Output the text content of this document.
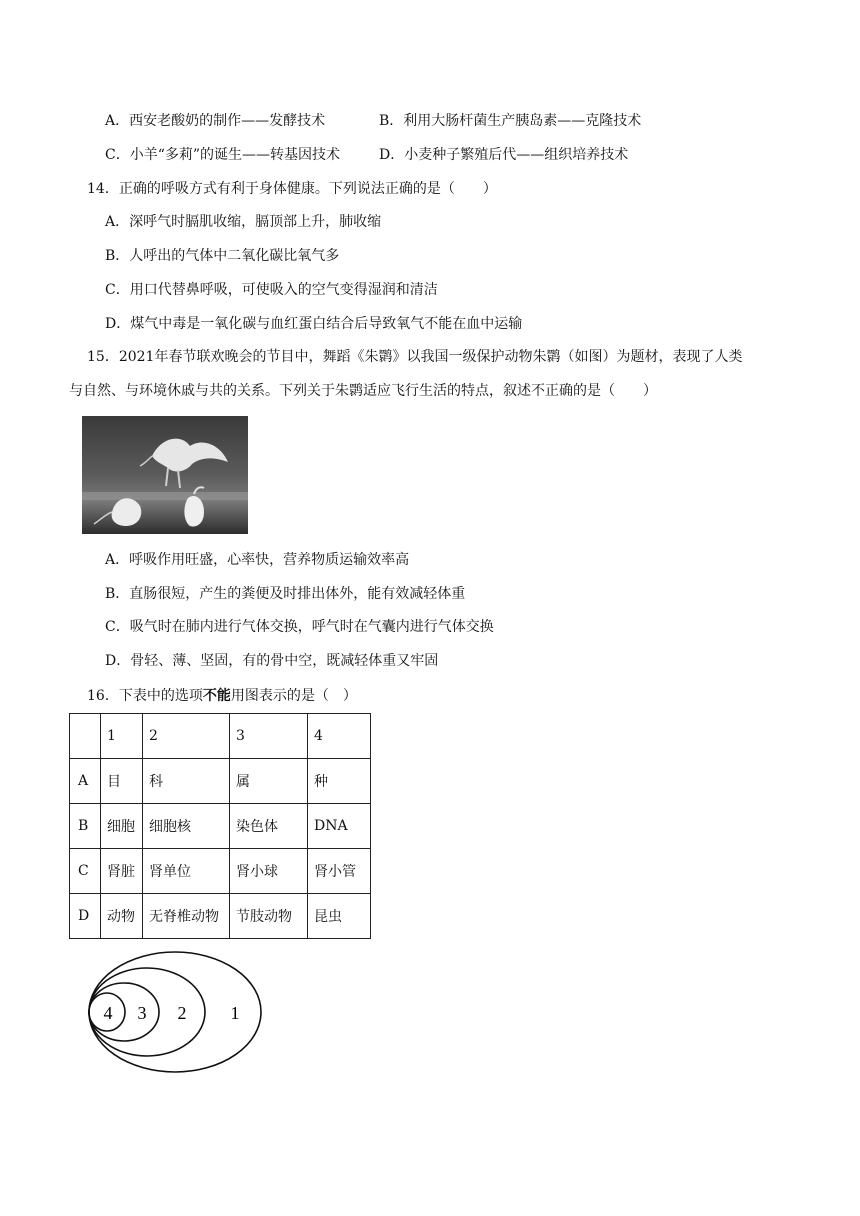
A．西安老酸奶的制作——发酵技术	B．利用大肠杆菌生产胰岛素——克隆技术
C．小羊“多莉”的诞生——转基因技术	D．小麦种子繁殖后代——组织培养技术
14．正确的呼吸方式有利于身体健康。下列说法正确的是（　　）
A．深呼气时膈肌收缩，膈顶部上升，肺收缩
B．人呼出的气体中二氧化碳比氧气多
C．用口代替鼻呼吸，可使吸入的空气变得湿润和清洁
D．煤气中毒是一氧化碳与血红蛋白结合后导致氧气不能在血中运输
15．2021年春节联欢晚会的节目中，舞蹈《朱鹮》以我国一级保护动物朱鹮（如图）为题材，表现了人类
与自然、与环境休戚与共的关系。下列关于朱鹮适应飞行生活的特点，叙述不正确的是（　　）
A．呼吸作用旺盛，心率快，营养物质运输效率高
B．直肠很短，产生的粪便及时排出体外，能有效减轻体重
C．吸气时在肺内进行气体交换，呼气时在气囊内进行气体交换
D．骨轻、薄、坚固，有的骨中空，既减轻体重又牢固
16．下表中的选项不能用图表示的是（　）
	1	2	3	4
A	目	科	属	种
B	细胞	细胞核	染色体	DNA
C	肾脏	肾单位	肾小球	肾小管
D	动物	无脊椎动物	节肢动物	昆虫
4 3 2 1
